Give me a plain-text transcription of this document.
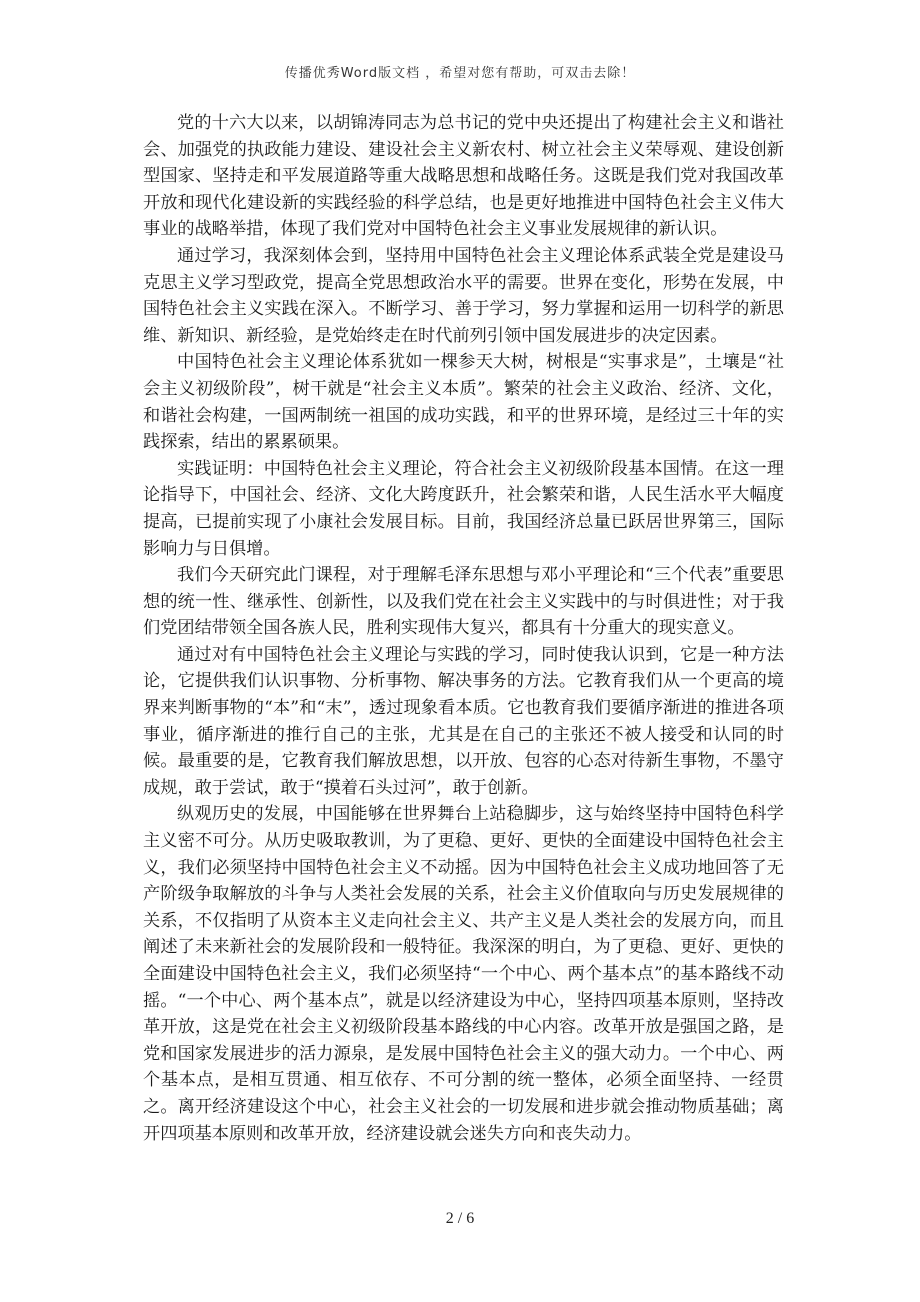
传播优秀Word版文档 ，希望对您有帮助，可双击去除！

党的十六大以来，以胡锦涛同志为总书记的党中央还提出了构建社会主义和谐社会、加强党的执政能力建设、建设社会主义新农村、树立社会主义荣辱观、建设创新型国家、坚持走和平发展道路等重大战略思想和战略任务。这既是我们党对我国改革开放和现代化建设新的实践经验的科学总结，也是更好地推进中国特色社会主义伟大事业的战略举措，体现了我们党对中国特色社会主义事业发展规律的新认识。

通过学习，我深刻体会到，坚持用中国特色社会主义理论体系武装全党是建设马克思主义学习型政党，提高全党思想政治水平的需要。世界在变化，形势在发展，中国特色社会主义实践在深入。不断学习、善于学习，努力掌握和运用一切科学的新思维、新知识、新经验，是党始终走在时代前列引领中国发展进步的决定因素。

中国特色社会主义理论体系犹如一棵参天大树，树根是“实事求是”，土壤是“社会主义初级阶段”，树干就是“社会主义本质”。繁荣的社会主义政治、经济、文化，和谐社会构建，一国两制统一祖国的成功实践，和平的世界环境，是经过三十年的实践探索，结出的累累硕果。

实践证明：中国特色社会主义理论，符合社会主义初级阶段基本国情。在这一理论指导下，中国社会、经济、文化大跨度跃升，社会繁荣和谐，人民生活水平大幅度提高，已提前实现了小康社会发展目标。目前，我国经济总量已跃居世界第三，国际影响力与日俱增。

我们今天研究此门课程，对于理解毛泽东思想与邓小平理论和“三个代表”重要思想的统一性、继承性、创新性，以及我们党在社会主义实践中的与时俱进性；对于我们党团结带领全国各族人民，胜利实现伟大复兴，都具有十分重大的现实意义。

通过对有中国特色社会主义理论与实践的学习，同时使我认识到，它是一种方法论，它提供我们认识事物、分析事物、解决事务的方法。它教育我们从一个更高的境界来判断事物的“本”和“末”，透过现象看本质。它也教育我们要循序渐进的推进各项事业，循序渐进的推行自己的主张，尤其是在自己的主张还不被人接受和认同的时候。最重要的是，它教育我们解放思想，以开放、包容的心态对待新生事物，不墨守成规，敢于尝试，敢于“摸着石头过河”，敢于创新。

纵观历史的发展，中国能够在世界舞台上站稳脚步，这与始终坚持中国特色科学主义密不可分。从历史吸取教训，为了更稳、更好、更快的全面建设中国特色社会主义，我们必须坚持中国特色社会主义不动摇。因为中国特色社会主义成功地回答了无产阶级争取解放的斗争与人类社会发展的关系，社会主义价值取向与历史发展规律的关系，不仅指明了从资本主义走向社会主义、共产主义是人类社会的发展方向，而且阐述了未来新社会的发展阶段和一般特征。我深深的明白，为了更稳、更好、更快的全面建设中国特色社会主义，我们必须坚持“一个中心、两个基本点”的基本路线不动摇。“一个中心、两个基本点”，就是以经济建设为中心，坚持四项基本原则，坚持改革开放，这是党在社会主义初级阶段基本路线的中心内容。改革开放是强国之路，是党和国家发展进步的活力源泉，是发展中国特色社会主义的强大动力。一个中心、两个基本点，是相互贯通、相互依存、不可分割的统一整体，必须全面坚持、一经贯之。离开经济建设这个中心，社会主义社会的一切发展和进步就会推动物质基础；离开四项基本原则和改革开放，经济建设就会迷失方向和丧失动力。

2 / 6
